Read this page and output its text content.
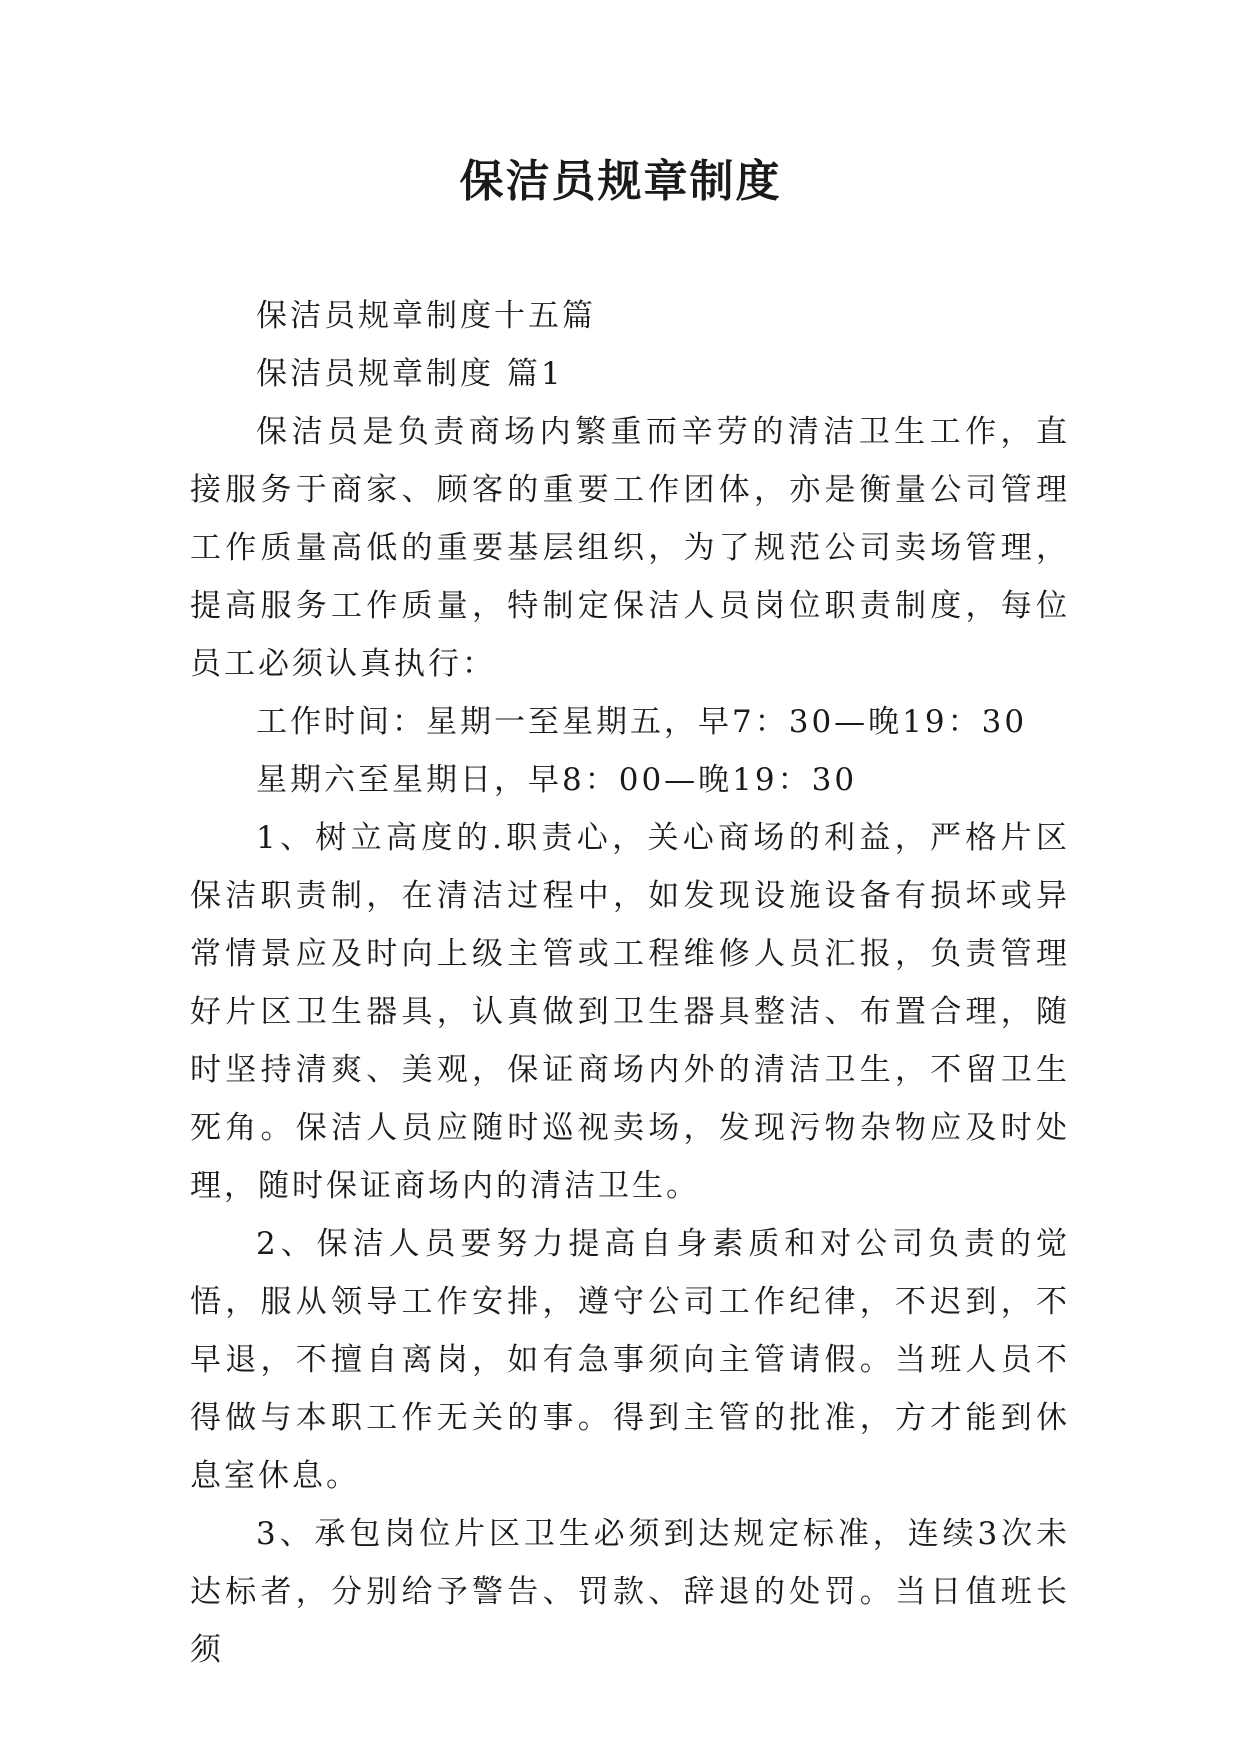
保洁员规章制度

保洁员规章制度十五篇

保洁员规章制度 篇1

保洁员是负责商场内繁重而辛劳的清洁卫生工作，直接服务于商家、顾客的重要工作团体，亦是衡量公司管理工作质量高低的重要基层组织，为了规范公司卖场管理，提高服务工作质量，特制定保洁人员岗位职责制度，每位员工必须认真执行：

工作时间：星期一至星期五，早7：30—晚19：30

星期六至星期日，早8：00—晚19：30

1、树立高度的.职责心，关心商场的利益，严格片区保洁职责制，在清洁过程中，如发现设施设备有损坏或异常情景应及时向上级主管或工程维修人员汇报，负责管理好片区卫生器具，认真做到卫生器具整洁、布置合理，随时坚持清爽、美观，保证商场内外的清洁卫生，不留卫生死角。保洁人员应随时巡视卖场，发现污物杂物应及时处理，随时保证商场内的清洁卫生。

2、保洁人员要努力提高自身素质和对公司负责的觉悟，服从领导工作安排，遵守公司工作纪律，不迟到，不早退，不擅自离岗，如有急事须向主管请假。当班人员不得做与本职工作无关的事。得到主管的批准，方才能到休息室休息。

3、承包岗位片区卫生必须到达规定标准，连续3次未达标者，分别给予警告、罚款、辞退的处罚。当日值班长须
